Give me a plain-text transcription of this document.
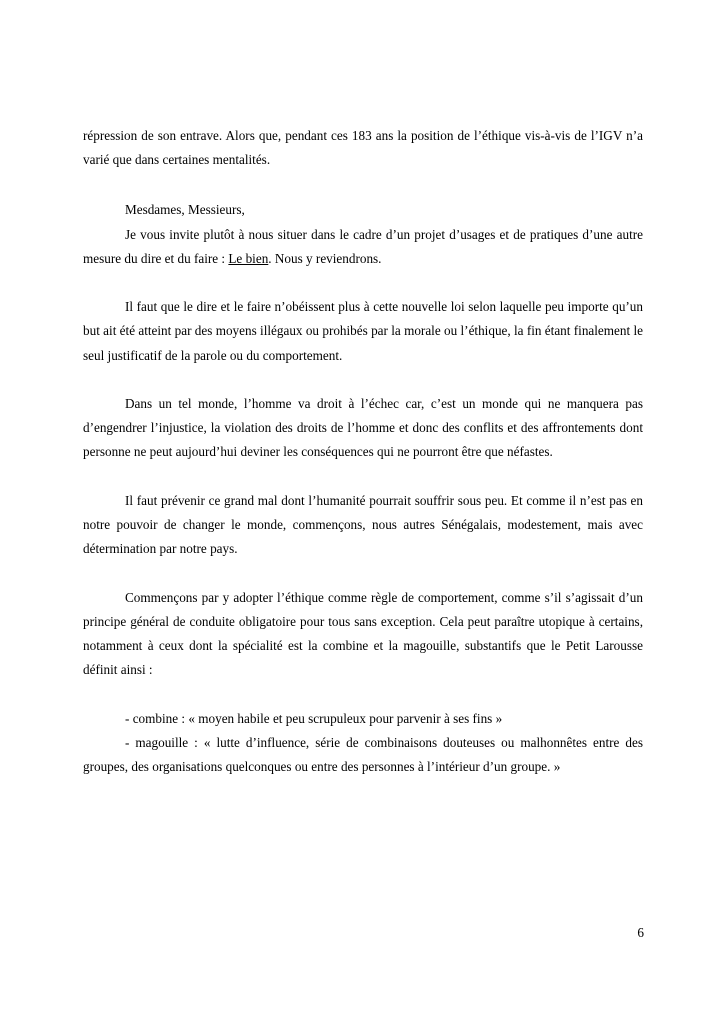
répression de son entrave. Alors que, pendant ces 183 ans la position de l’éthique vis-à-vis de l’IGV n’a varié que dans certaines mentalités.

Mesdames, Messieurs,

Je vous invite plutôt à nous situer dans le cadre d’un projet d’usages et de pratiques d’une autre mesure du dire et du faire : Le bien. Nous y reviendrons.

Il faut que le dire et le faire n’obéissent plus à cette nouvelle loi selon laquelle peu importe qu’un but ait été atteint par des moyens illégaux ou prohibés par la morale ou l’éthique, la fin étant finalement le seul justificatif de la parole ou du comportement.

Dans un tel monde, l’homme va droit à l’échec car, c’est un monde qui ne manquera pas d’engendrer l’injustice, la violation des droits de l’homme et donc des conflits et des affrontements dont personne ne peut aujourd’hui deviner les conséquences qui ne pourront être que néfastes.

Il faut prévenir ce grand mal dont l’humanité pourrait souffrir sous peu. Et comme il n’est pas en notre pouvoir de changer le monde, commençons, nous autres Sénégalais, modestement, mais avec détermination par notre pays.

Commençons par y adopter l’éthique comme règle de comportement, comme s’il s’agissait d’un principe général de conduite obligatoire pour tous sans exception. Cela peut paraître utopique à certains, notamment à ceux dont la spécialité est la combine et la magouille, substantifs que le Petit Larousse définit ainsi :

- combine : « moyen habile et peu scrupuleux pour parvenir à ses fins »

- magouille : « lutte d’influence, série de combinaisons douteuses ou malhonnêtes entre des groupes, des organisations quelconques ou entre des personnes à l’intérieur d’un groupe. »

6
